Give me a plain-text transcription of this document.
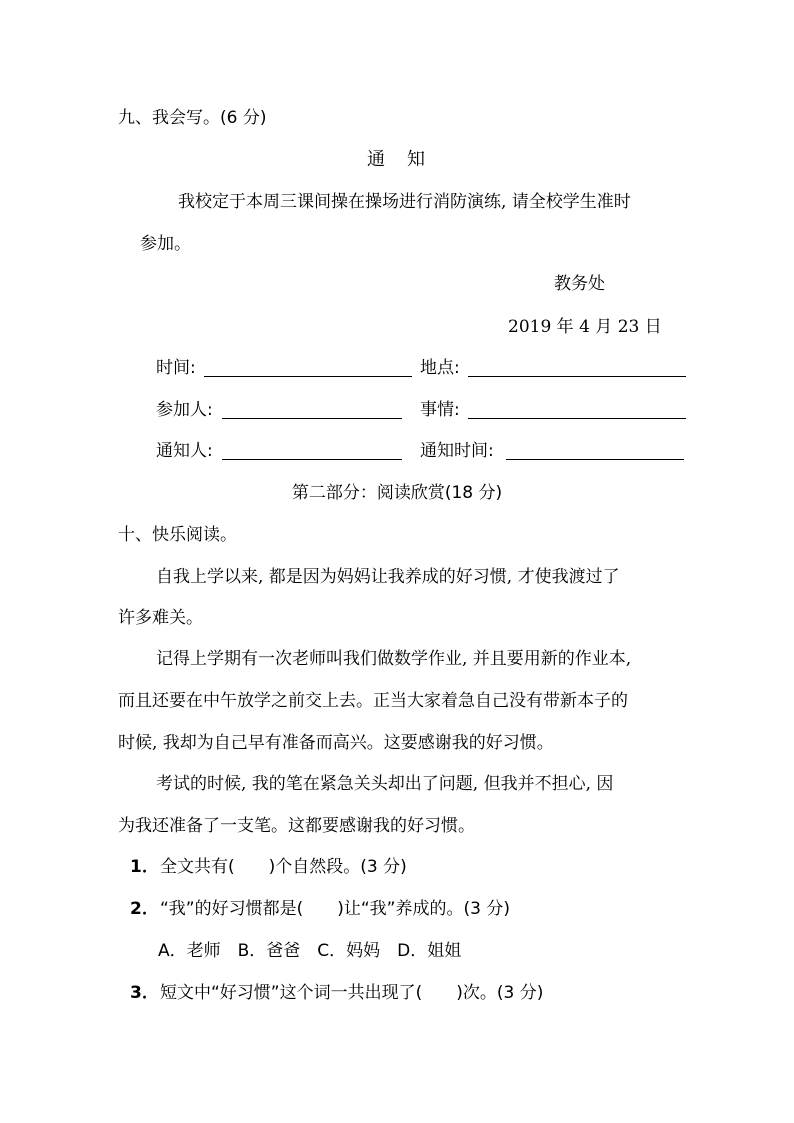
九、我会写。(6 分)
通　知
我校定于本周三课间操在操场进行消防演练, 请全校学生准时
参加。
教务处
2019 年 4 月 23 日
时间:	地点:
参加人:	事情:
通知人:	通知时间:
第二部分：阅读欣赏(18 分)
十、快乐阅读。
自我上学以来, 都是因为妈妈让我养成的好习惯, 才使我渡过了
许多难关。
记得上学期有一次老师叫我们做数学作业, 并且要用新的作业本,
而且还要在中午放学之前交上去。正当大家着急自己没有带新本子的
时候, 我却为自己早有准备而高兴。这要感谢我的好习惯。
考试的时候, 我的笔在紧急关头却出了问题, 但我并不担心, 因
为我还准备了一支笔。这都要感谢我的好习惯。
1． 全文共有(　　)个自然段。(3 分)
2． “我”的好习惯都是(　　)让“我”养成的。(3 分)
A．老师　B．爸爸　C．妈妈　D．姐姐
3． 短文中“好习惯”这个词一共出现了(　　)次。(3 分)
